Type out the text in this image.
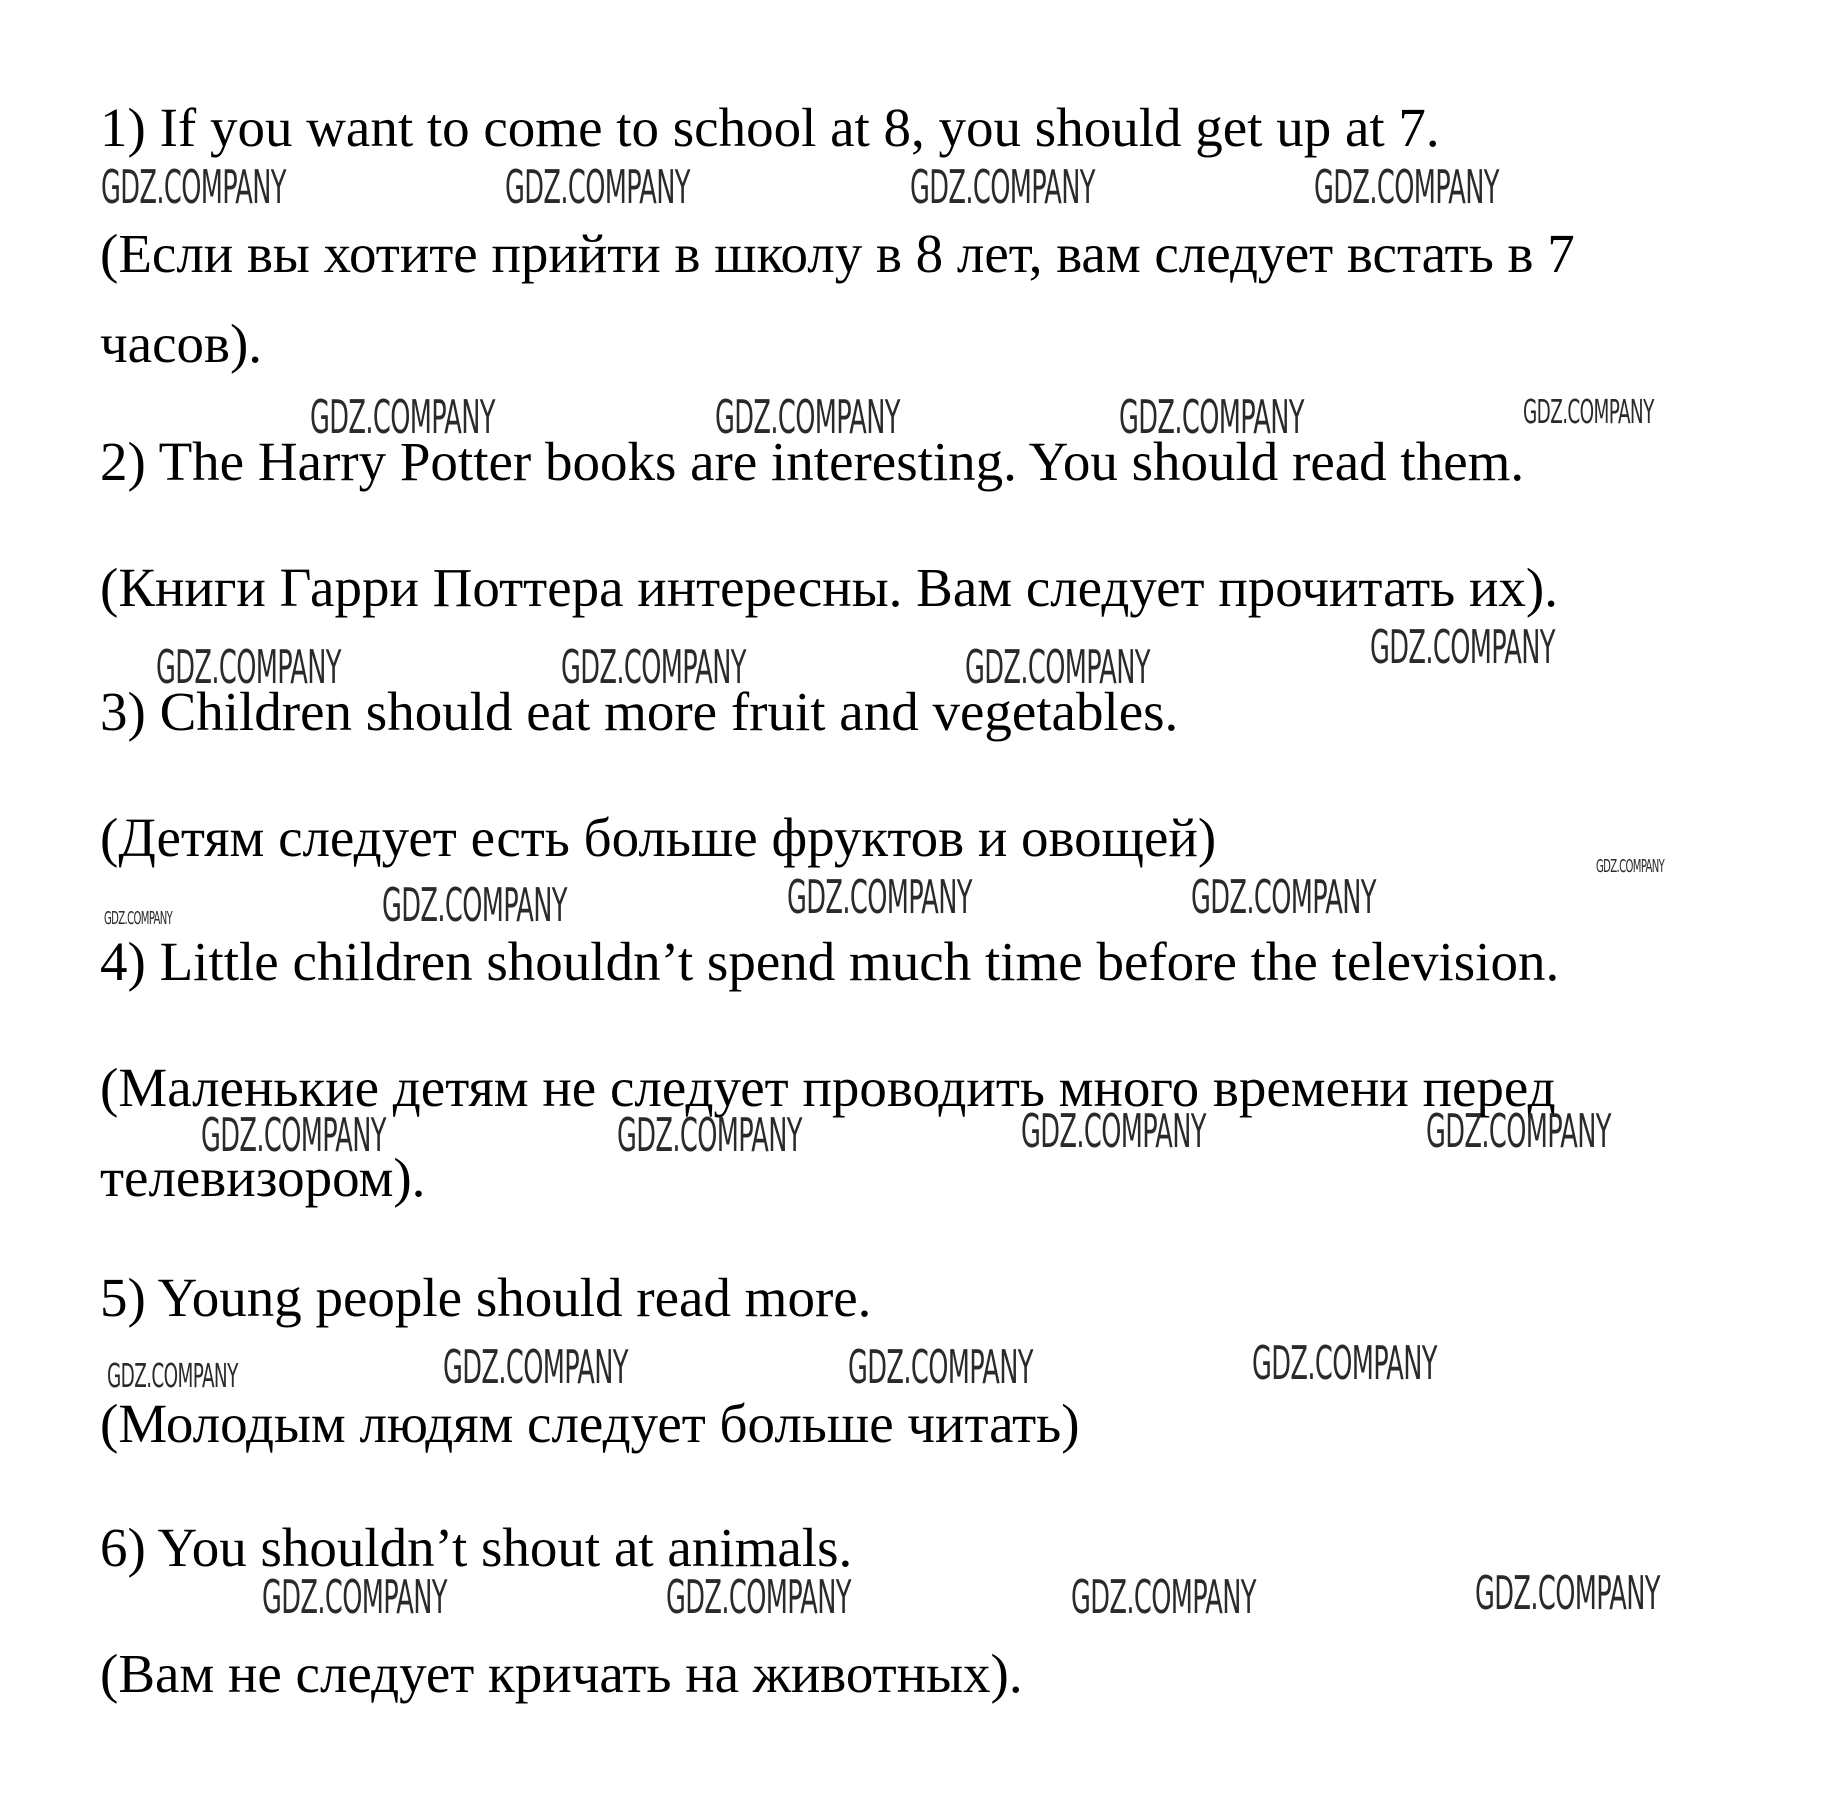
1) If you want to come to school at 8, you should get up at 7.
(Если вы хотите прийти в школу в 8 лет, вам следует встать в 7
часов).
2) The Harry Potter books are interesting. You should read them.
(Книги Гарри Поттера интересны. Вам следует прочитать их).
3) Children should eat more fruit and vegetables.
(Детям следует есть больше фруктов и овощей)
4) Little children shouldn’t spend much time before the television.
(Маленькие детям не следует проводить много времени перед
телевизором).
5) Young people should read more.
(Молодым людям следует больше читать)
6) You shouldn’t shout at animals.
(Вам не следует кричать на животных).
GDZ.COMPANY	GDZ.COMPANY	GDZ.COMPANY	GDZ.COMPANY
GDZ.COMPANY	GDZ.COMPANY	GDZ.COMPANY	GDZ.COMPANY
GDZ.COMPANY	GDZ.COMPANY	GDZ.COMPANY	GDZ.COMPANY
GDZ.COMPANY
GDZ.COMPANY	GDZ.COMPANY	GDZ.COMPANY	GDZ.COMPANY
GDZ.COMPANY	GDZ.COMPANY	GDZ.COMPANY	GDZ.COMPANY
GDZ.COMPANY	GDZ.COMPANY	GDZ.COMPANY	GDZ.COMPANY
GDZ.COMPANY	GDZ.COMPANY	GDZ.COMPANY	GDZ.COMPANY
